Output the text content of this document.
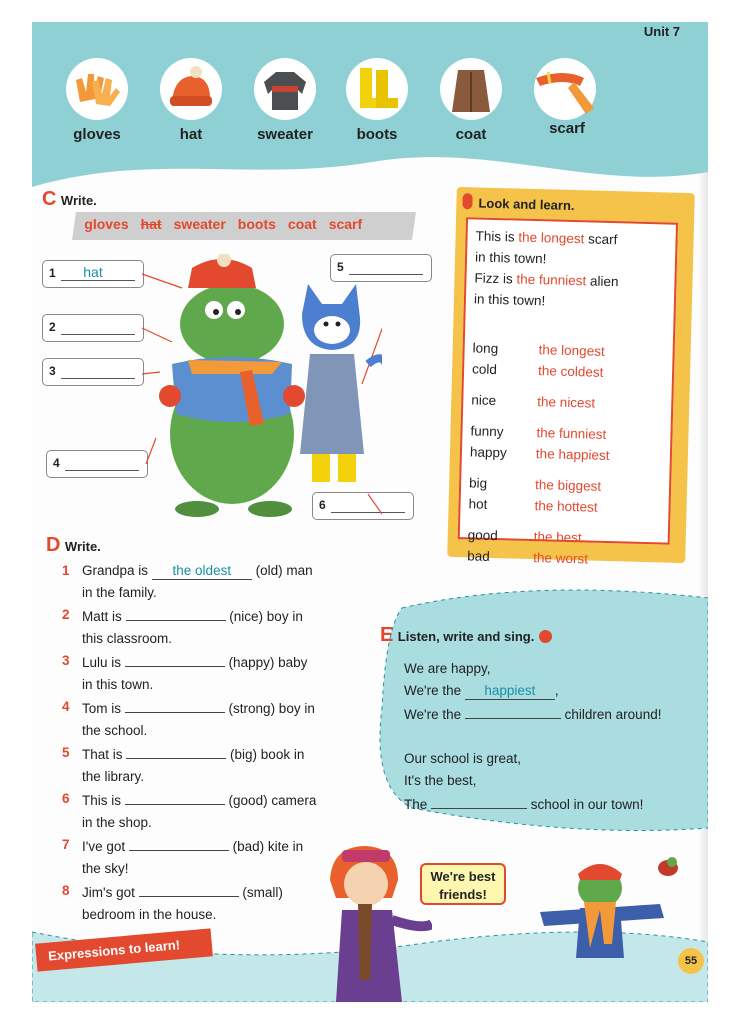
Unit 7
gloves	hat	sweater	boots	coat	scarf
C Write.
gloves hat sweater boots coat scarf
1	hat
2
3
4
5
6
Look and learn.
This is the longest scarf
in this town!
Fizz is the funniest alien
in this town!
long	the longest
cold	the coldest
nice	the nicest
funny	the funniest
happy	the happiest
big	the biggest
hot	the hottest
good	the best
bad	the worst
E Listen, write and sing.
We are happy,
We're the happiest ,
We're the	children around!
Our school is great,
It's the best,
The	school in our town!
D Write.
1 Grandpa is the oldest (old) man
in the family.
2 Matt is	(nice) boy in
this classroom.
3 Lulu is	(happy) baby
in this town.
4 Tom is	(strong) boy in
the school.
5 That is	(big) book in
the library.
6 This is	(good) camera
in the shop.
7 I've got	(bad) kite in
the sky!
8 Jim's got	(small)
bedroom in the house.
Expressions to learn!
We're best
friends!
55
